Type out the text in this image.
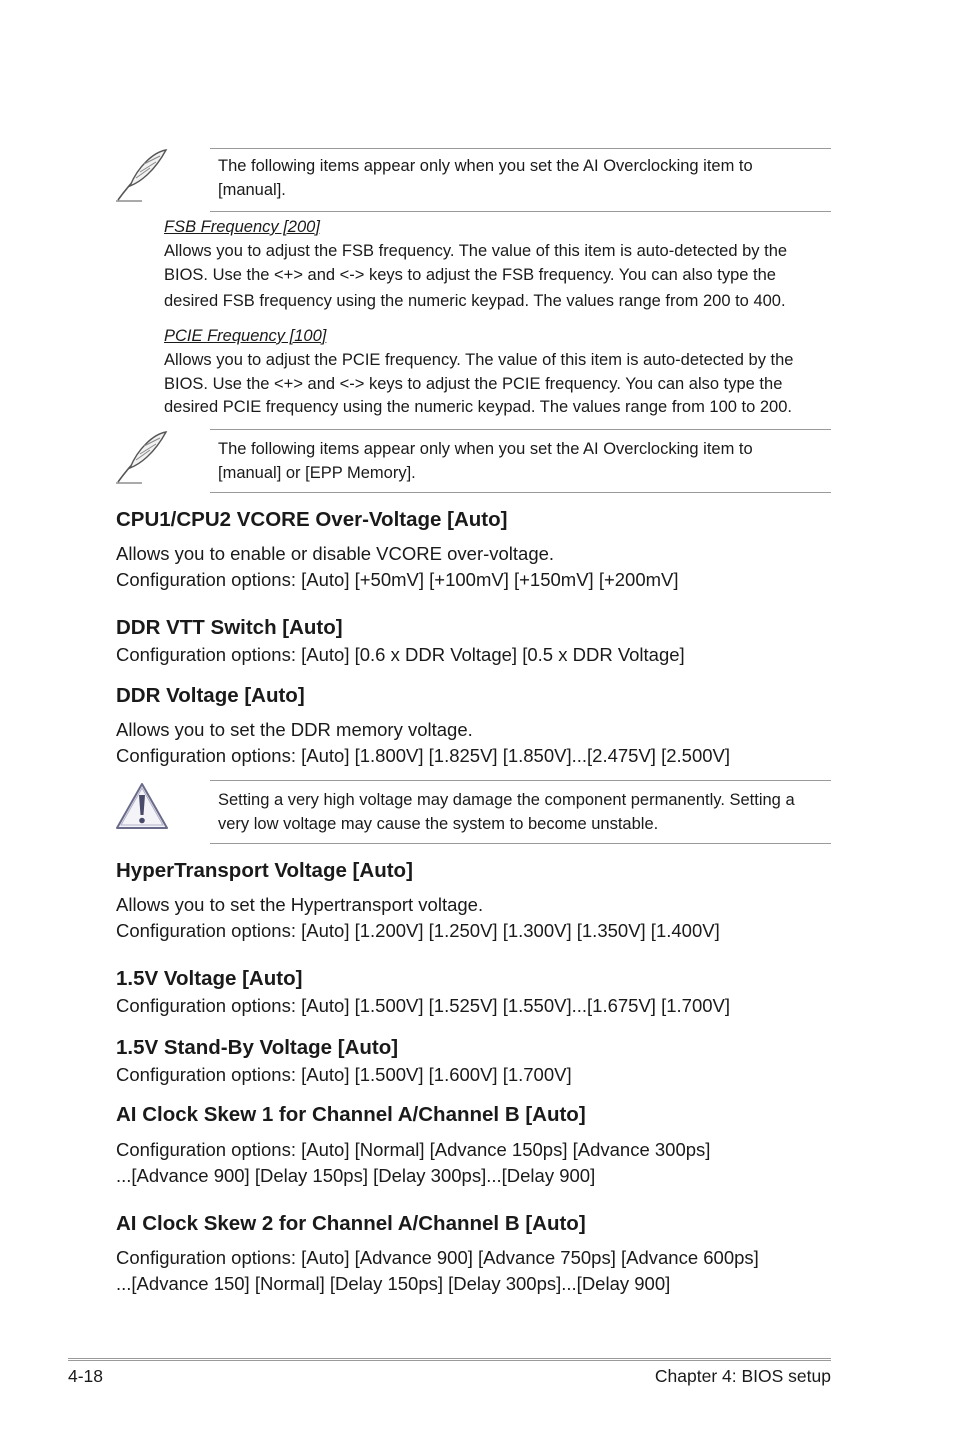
The following items appear only when you set the AI Overclocking item to
[manual].
FSB Frequency [200]
Allows you to adjust the FSB frequency. The value of this item is auto-detected by the
BIOS. Use the <+> and <-> keys to adjust the FSB frequency. You can also type the
desired FSB frequency using the numeric keypad. The values range from 200 to 400.
PCIE Frequency [100]
Allows you to adjust the PCIE frequency. The value of this item is auto-detected by the
BIOS. Use the <+> and <-> keys to adjust the PCIE frequency. You can also type the
desired PCIE frequency using the numeric keypad. The values range from 100 to 200.
The following items appear only when you set the AI Overclocking item to
[manual] or [EPP Memory].
CPU1/CPU2 VCORE Over-Voltage [Auto]
Allows you to enable or disable VCORE over-voltage.
Configuration options: [Auto] [+50mV] [+100mV] [+150mV] [+200mV]
DDR VTT Switch [Auto]
Configuration options: [Auto] [0.6 x DDR Voltage] [0.5 x DDR Voltage]
DDR Voltage [Auto]
Allows you to set the DDR memory voltage.
Configuration options: [Auto] [1.800V] [1.825V] [1.850V]...[2.475V] [2.500V]
Setting a very high voltage may damage the component permanently. Setting a
very low voltage may cause the system to become unstable.
HyperTransport Voltage [Auto]
Allows you to set the Hypertransport voltage.
Configuration options: [Auto] [1.200V] [1.250V] [1.300V] [1.350V] [1.400V]
1.5V Voltage [Auto]
Configuration options: [Auto] [1.500V] [1.525V] [1.550V]...[1.675V] [1.700V]
1.5V Stand-By Voltage [Auto]
Configuration options: [Auto] [1.500V] [1.600V] [1.700V]
AI Clock Skew 1 for Channel A/Channel B [Auto]
Configuration options: [Auto] [Normal] [Advance 150ps] [Advance 300ps]
...[Advance 900] [Delay 150ps] [Delay 300ps]...[Delay 900]
AI Clock Skew 2 for Channel A/Channel B [Auto]
Configuration options: [Auto] [Advance 900] [Advance 750ps] [Advance 600ps]
...[Advance 150] [Normal] [Delay 150ps] [Delay 300ps]...[Delay 900]
4-18	Chapter 4: BIOS setup
